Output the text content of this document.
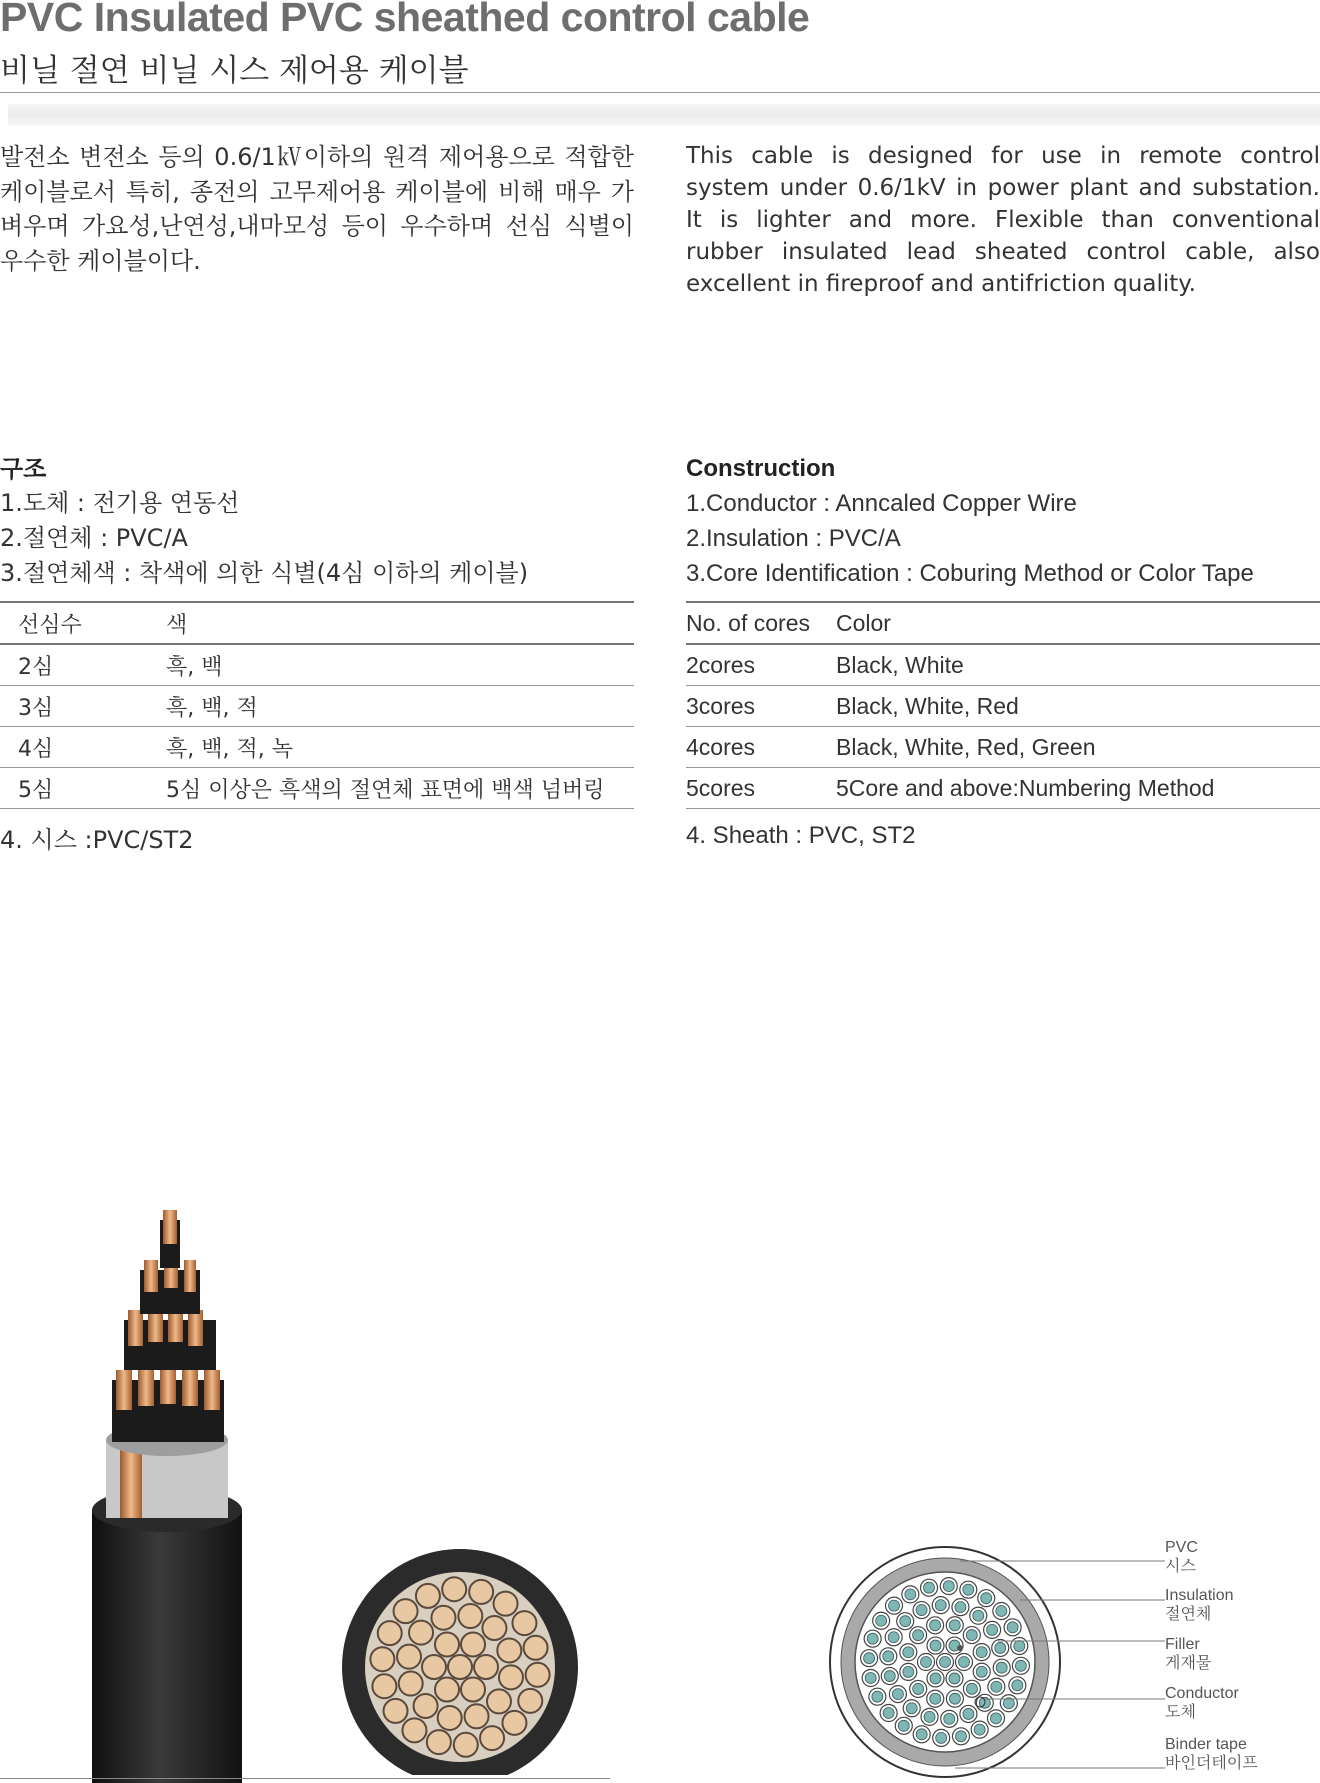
PVC Insulated PVC sheathed control cable
비닐 절연 비닐 시스 제어용 케이블

발전소 변전소 등의 0.6/1㎸이하의 원격 제어용으로 적합한 케이블로서 특히, 종전의 고무제어용 케이블에 비해 매우 가벼우며 가요성,난연성,내마모성 등이 우수하며 선심 식별이 우수한 케이블이다.

구조
1.도체 : 전기용 연동선
2.절연체 : PVC/A
3.절연체색 : 착색에 의한 식별(4심 이하의 케이블)
선심수	색
2심	흑, 백
3심	흑, 백, 적
4심	흑, 백, 적, 녹
5심	5심 이상은 흑색의 절연체 표면에 백색 넘버링
4. 시스 :PVC/ST2

This cable is designed for use in remote control system under 0.6/1kV in power plant and substation. It is lighter and more. Flexible than conventional rubber insulated lead sheated control cable, also excellent in fireproof and antifriction quality.

Construction
1.Conductor : Anncaled Copper Wire
2.Insulation : PVC/A
3.Core Identification : Coburing Method or Color Tape
No. of cores	Color
2cores	Black, White
3cores	Black, White, Red
4cores	Black, White, Red, Green
5cores	5Core and above:Numbering Method
4. Sheath : PVC, ST2
PVC
시스
Insulation
절연체
Filler
게재물
Conductor
도체
Binder tape
바인더테이프
